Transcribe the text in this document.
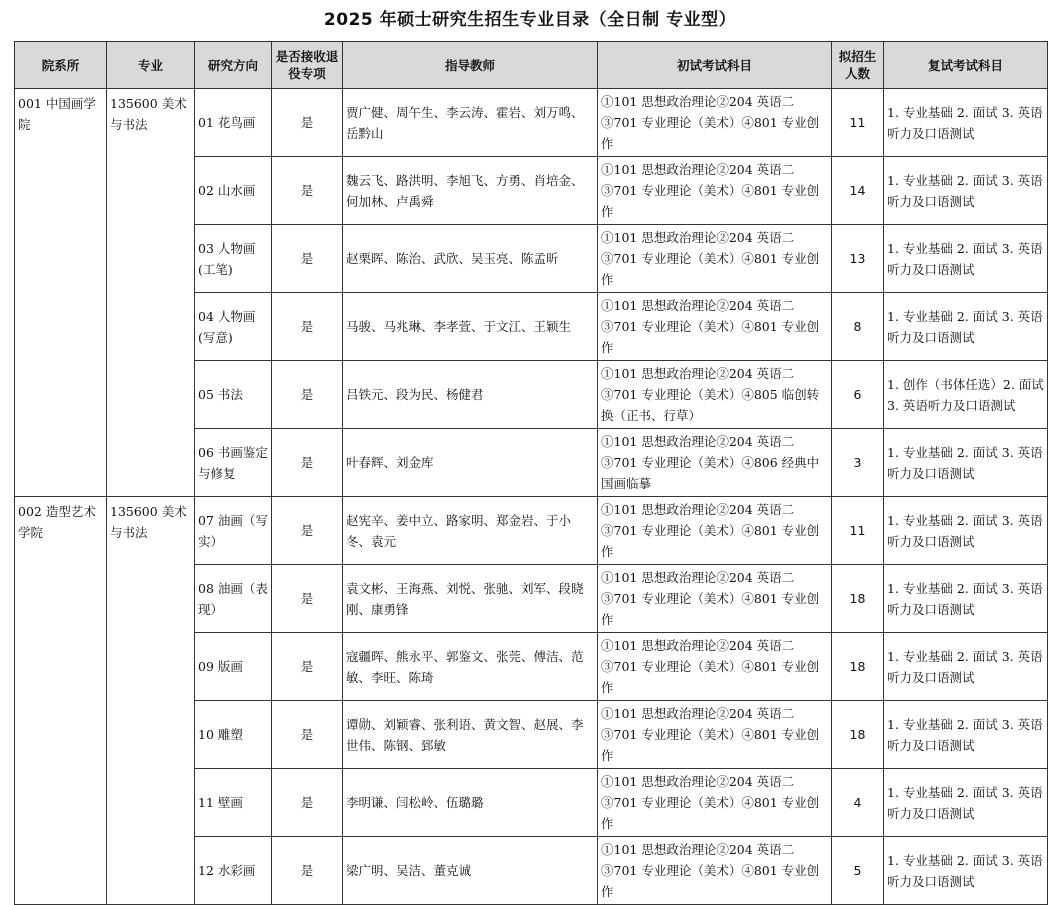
2025 年硕士研究生招生专业目录（全日制 专业型）
院系所	专业	研究方向	是否接收退役专项	指导教师	初试考试科目	拟招生人数	复试考试科目
001 中国画学院	135600 美术与书法	01 花鸟画	是	贾广健、周午生、李云涛、霍岩、刘万鸣、岳黔山	①101 思想政治理论②204 英语二③701 专业理论（美术）④801 专业创作	11	1. 专业基础 2. 面试 3. 英语听力及口语测试
		02 山水画	是	魏云飞、路洪明、李旭飞、方勇、肖培金、何加林、卢禹舜	①101 思想政治理论②204 英语二③701 专业理论（美术）④801 专业创作	14	1. 专业基础 2. 面试 3. 英语听力及口语测试
		03 人物画(工笔)	是	赵栗晖、陈治、武欣、吴玉亮、陈孟昕	①101 思想政治理论②204 英语二③701 专业理论（美术）④801 专业创作	13	1. 专业基础 2. 面试 3. 英语听力及口语测试
		04 人物画(写意)	是	马骏、马兆琳、李孝萱、于文江、王颖生	①101 思想政治理论②204 英语二③701 专业理论（美术）④801 专业创作	8	1. 专业基础 2. 面试 3. 英语听力及口语测试
		05 书法	是	吕铁元、段为民、杨健君	①101 思想政治理论②204 英语二③701 专业理论（美术）④805 临创转换（正书、行草）	6	1. 创作（书体任选）2. 面试 3. 英语听力及口语测试
		06 书画鉴定与修复	是	叶春辉、刘金库	①101 思想政治理论②204 英语二③701 专业理论（美术）④806 经典中国画临摹	3	1. 专业基础 2. 面试 3. 英语听力及口语测试
002 造型艺术学院	135600 美术与书法	07 油画（写实）	是	赵宪辛、姜中立、路家明、郑金岩、于小冬、袁元	①101 思想政治理论②204 英语二③701 专业理论（美术）④801 专业创作	11	1. 专业基础 2. 面试 3. 英语听力及口语测试
		08 油画（表现）	是	袁文彬、王海燕、刘悦、张驰、刘军、段晓刚、康勇锋	①101 思想政治理论②204 英语二③701 专业理论（美术）④801 专业创作	18	1. 专业基础 2. 面试 3. 英语听力及口语测试
		09 版画	是	寇疆晖、熊永平、郭鉴文、张莞、傅洁、范敏、李旺、陈琦	①101 思想政治理论②204 英语二③701 专业理论（美术）④801 专业创作	18	1. 专业基础 2. 面试 3. 英语听力及口语测试
		10 雕塑	是	谭勋、刘颖睿、张利语、黄文智、赵展、李世伟、陈钢、郅敏	①101 思想政治理论②204 英语二③701 专业理论（美术）④801 专业创作	18	1. 专业基础 2. 面试 3. 英语听力及口语测试
		11 壁画	是	李明谦、闫松岭、伍璐璐	①101 思想政治理论②204 英语二③701 专业理论（美术）④801 专业创作	4	1. 专业基础 2. 面试 3. 英语听力及口语测试
		12 水彩画	是	梁广明、吴洁、董克诚	①101 思想政治理论②204 英语二③701 专业理论（美术）④801 专业创作	5	1. 专业基础 2. 面试 3. 英语听力及口语测试
